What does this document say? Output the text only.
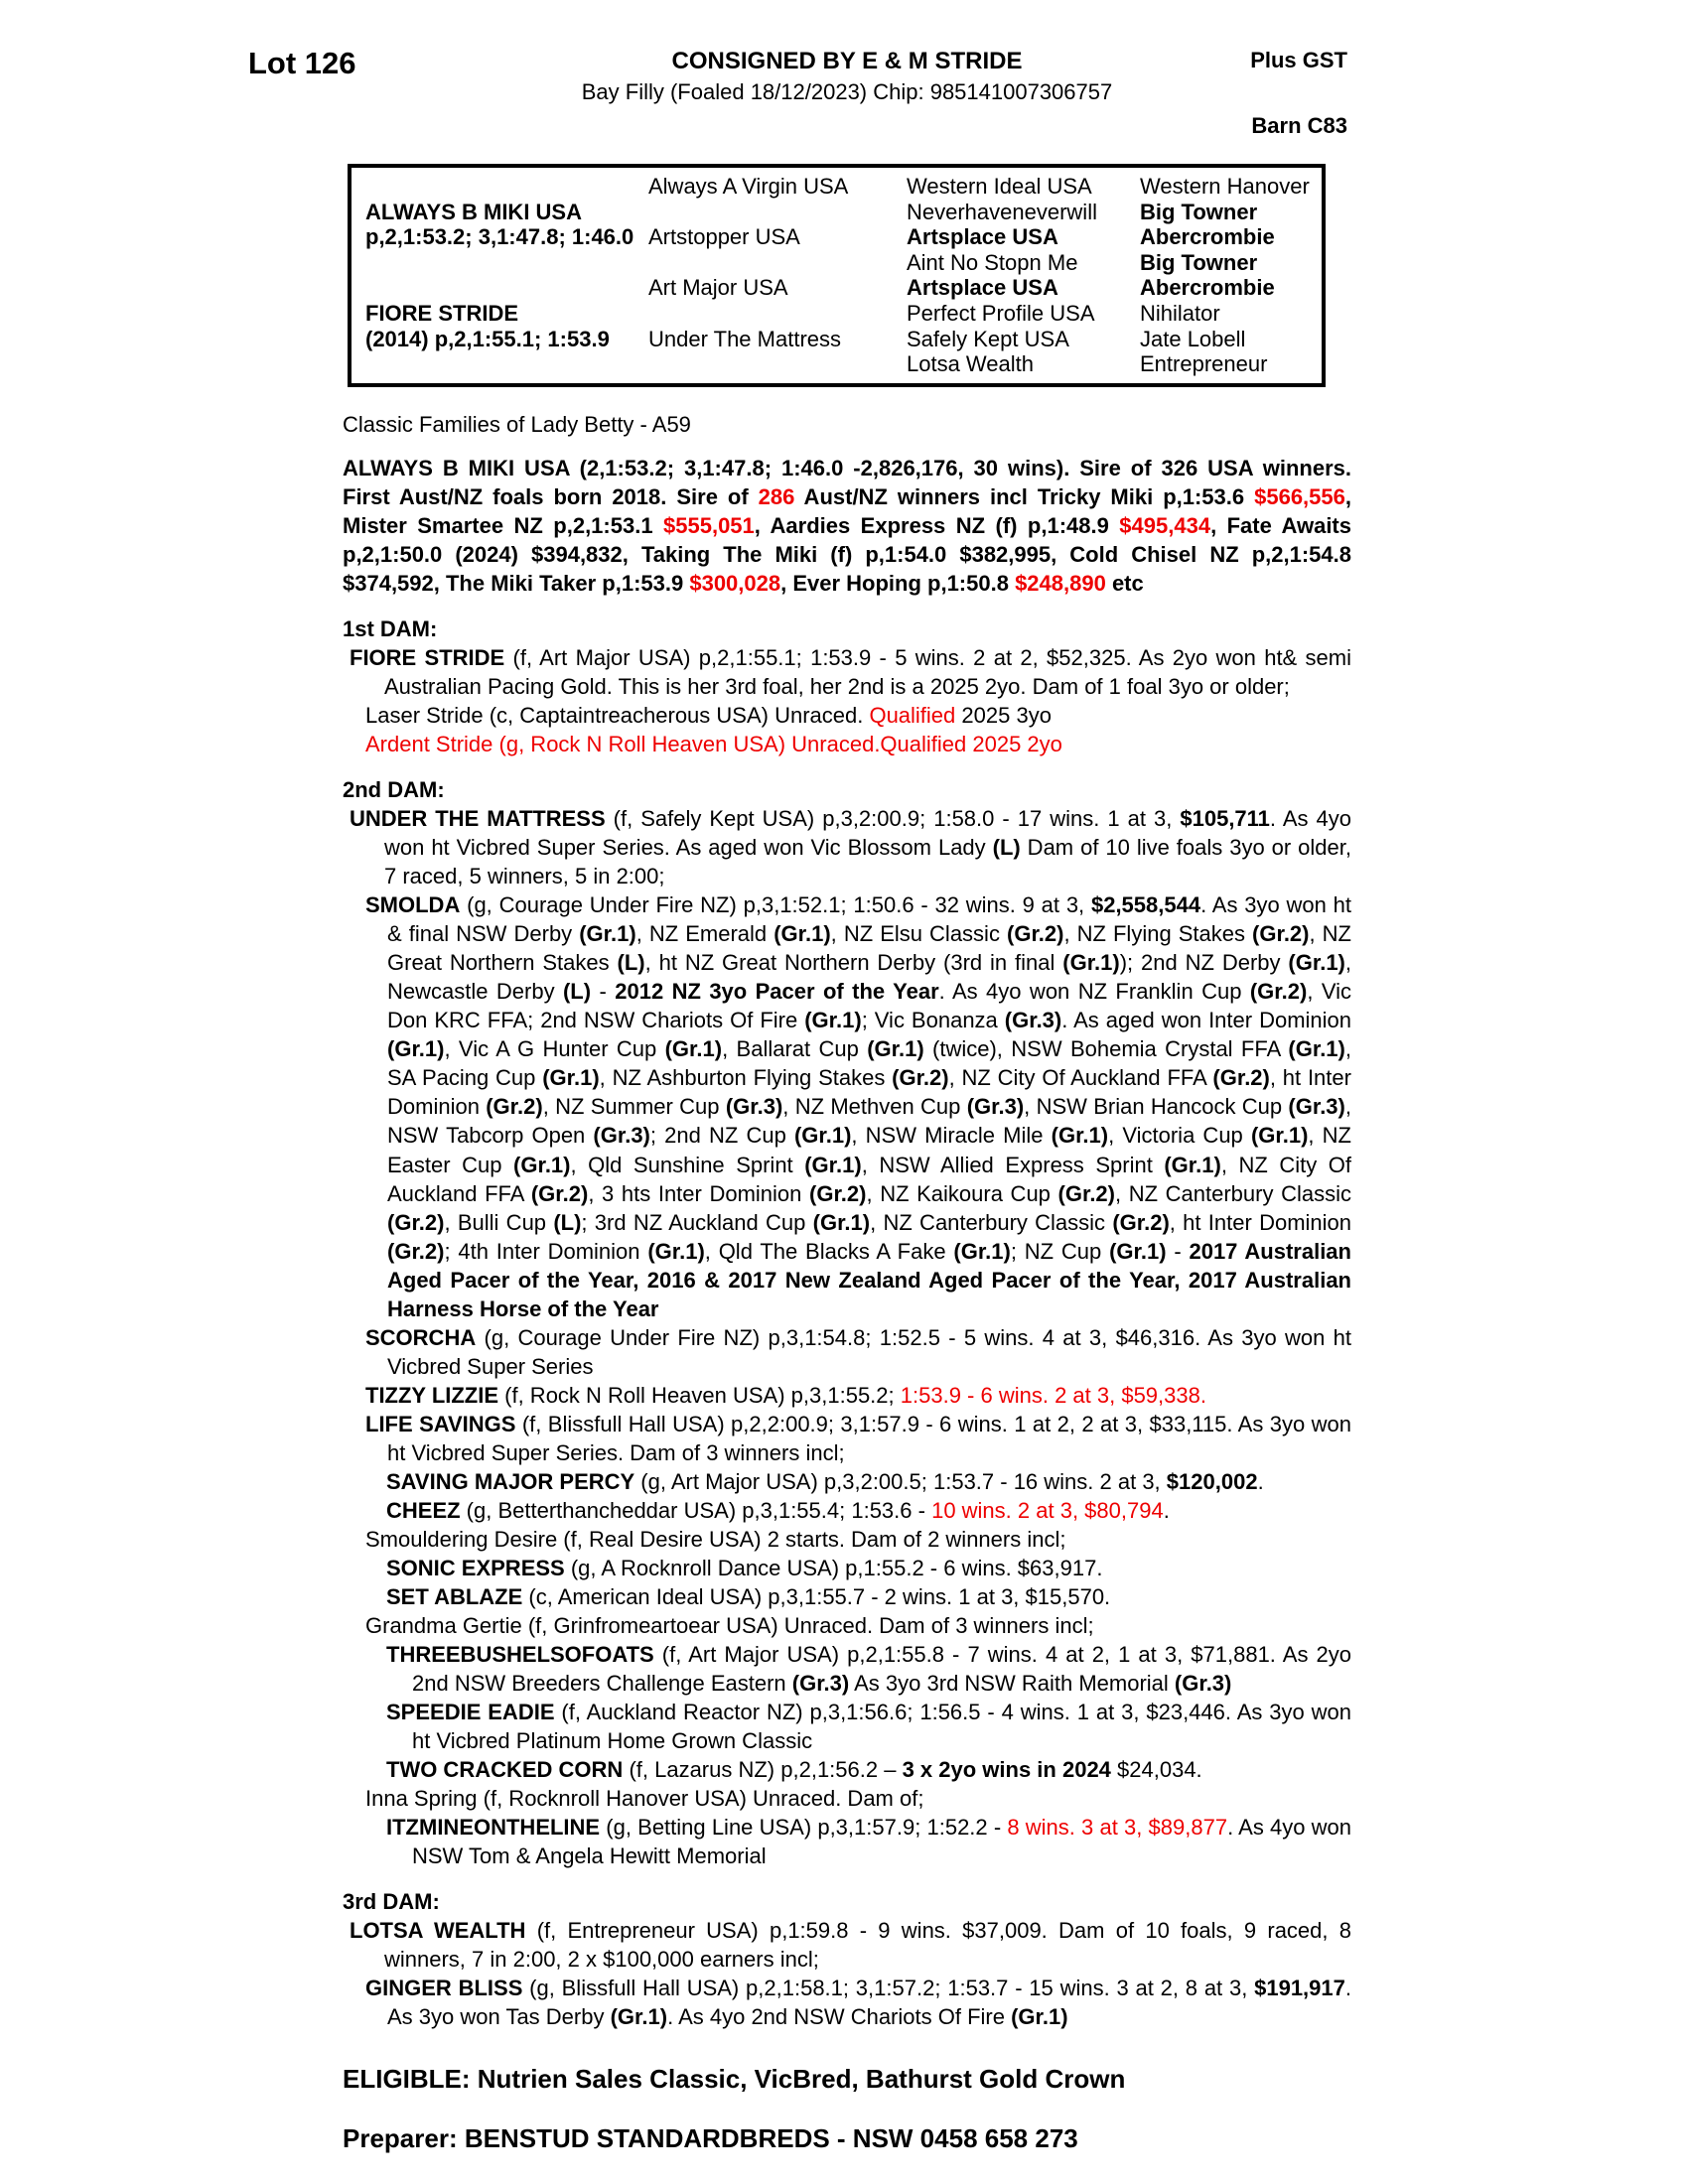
Lot 126	CONSIGNED BY E & M STRIDE
Bay Filly (Foaled 18/12/2023) Chip: 985141007306757
Plus GST
Barn C83
ALWAYS B MIKI USA
p,2,1:53.2; 3,1:47.8; 1:46.0
FIORE STRIDE
(2014) p,2,1:55.1; 1:53.9
Always A Virgin USA
Artstopper USA
Art Major USA
Under The Mattress
Western Ideal USA
Neverhaveneverwill
Artsplace USA
Aint No Stopn Me
Artsplace USA
Perfect Profile USA
Safely Kept USA
Lotsa Wealth
Western Hanover
Big Towner
Abercrombie
Big Towner
Abercrombie
Nihilator
Jate Lobell
Entrepreneur
Classic Families of Lady Betty - A59
ALWAYS B MIKI USA (2,1:53.2; 3,1:47.8; 1:46.0 -2,826,176, 30 wins). Sire of 326 USA winners. First Aust/NZ foals born 2018. Sire of 286 Aust/NZ winners incl Tricky Miki p,1:53.6 $566,556, Mister Smartee NZ p,2,1:53.1 $555,051, Aardies Express NZ (f) p,1:48.9 $495,434, Fate Awaits p,2,1:50.0 (2024) $394,832, Taking The Miki (f) p,1:54.0 $382,995, Cold Chisel NZ p,2,1:54.8 $374,592, The Miki Taker p,1:53.9 $300,028, Ever Hoping p,1:50.8 $248,890 etc
1st DAM:
FIORE STRIDE (f, Art Major USA) p,2,1:55.1; 1:53.9 - 5 wins. 2 at 2, $52,325. As 2yo won ht& semi Australian Pacing Gold. This is her 3rd foal, her 2nd is a 2025 2yo. Dam of 1 foal 3yo or older;
Laser Stride (c, Captaintreacherous USA) Unraced. Qualified 2025 3yo
Ardent Stride (g, Rock N Roll Heaven USA) Unraced.Qualified 2025 2yo
2nd DAM:
UNDER THE MATTRESS (f, Safely Kept USA) p,3,2:00.9; 1:58.0 - 17 wins. 1 at 3, $105,711. As 4yo won ht Vicbred Super Series. As aged won Vic Blossom Lady (L) Dam of 10 live foals 3yo or older, 7 raced, 5 winners, 5 in 2:00;
SMOLDA (g, Courage Under Fire NZ) p,3,1:52.1; 1:50.6 - 32 wins. 9 at 3, $2,558,544. As 3yo won ht & final NSW Derby (Gr.1), NZ Emerald (Gr.1), NZ Elsu Classic (Gr.2), NZ Flying Stakes (Gr.2), NZ Great Northern Stakes (L), ht NZ Great Northern Derby (3rd in final (Gr.1)); 2nd NZ Derby (Gr.1), Newcastle Derby (L) - 2012 NZ 3yo Pacer of the Year. As 4yo won NZ Franklin Cup (Gr.2), Vic Don KRC FFA; 2nd NSW Chariots Of Fire (Gr.1); Vic Bonanza (Gr.3). As aged won Inter Dominion (Gr.1), Vic A G Hunter Cup (Gr.1), Ballarat Cup (Gr.1) (twice), NSW Bohemia Crystal FFA (Gr.1), SA Pacing Cup (Gr.1), NZ Ashburton Flying Stakes (Gr.2), NZ City Of Auckland FFA (Gr.2), ht Inter Dominion (Gr.2), NZ Summer Cup (Gr.3), NZ Methven Cup (Gr.3), NSW Brian Hancock Cup (Gr.3), NSW Tabcorp Open (Gr.3); 2nd NZ Cup (Gr.1), NSW Miracle Mile (Gr.1), Victoria Cup (Gr.1), NZ Easter Cup (Gr.1), Qld Sunshine Sprint (Gr.1), NSW Allied Express Sprint (Gr.1), NZ City Of Auckland FFA (Gr.2), 3 hts Inter Dominion (Gr.2), NZ Kaikoura Cup (Gr.2), NZ Canterbury Classic (Gr.2), Bulli Cup (L); 3rd NZ Auckland Cup (Gr.1), NZ Canterbury Classic (Gr.2), ht Inter Dominion (Gr.2); 4th Inter Dominion (Gr.1), Qld The Blacks A Fake (Gr.1); NZ Cup (Gr.1) - 2017 Australian Aged Pacer of the Year, 2016 & 2017 New Zealand Aged Pacer of the Year, 2017 Australian Harness Horse of the Year
SCORCHA (g, Courage Under Fire NZ) p,3,1:54.8; 1:52.5 - 5 wins. 4 at 3, $46,316. As 3yo won ht Vicbred Super Series
TIZZY LIZZIE (f, Rock N Roll Heaven USA) p,3,1:55.2; 1:53.9 - 6 wins. 2 at 3, $59,338.
LIFE SAVINGS (f, Blissfull Hall USA) p,2,2:00.9; 3,1:57.9 - 6 wins. 1 at 2, 2 at 3, $33,115. As 3yo won ht Vicbred Super Series. Dam of 3 winners incl;
SAVING MAJOR PERCY (g, Art Major USA) p,3,2:00.5; 1:53.7 - 16 wins. 2 at 3, $120,002.
CHEEZ (g, Betterthancheddar USA) p,3,1:55.4; 1:53.6 - 10 wins. 2 at 3, $80,794.
Smouldering Desire (f, Real Desire USA) 2 starts. Dam of 2 winners incl;
SONIC EXPRESS (g, A Rocknroll Dance USA) p,1:55.2 - 6 wins. $63,917.
SET ABLAZE (c, American Ideal USA) p,3,1:55.7 - 2 wins. 1 at 3, $15,570.
Grandma Gertie (f, Grinfromeartoear USA) Unraced. Dam of 3 winners incl;
THREEBUSHELSOFOATS (f, Art Major USA) p,2,1:55.8 - 7 wins. 4 at 2, 1 at 3, $71,881. As 2yo 2nd NSW Breeders Challenge Eastern (Gr.3) As 3yo 3rd NSW Raith Memorial (Gr.3)
SPEEDIE EADIE (f, Auckland Reactor NZ) p,3,1:56.6; 1:56.5 - 4 wins. 1 at 3, $23,446. As 3yo won ht Vicbred Platinum Home Grown Classic
TWO CRACKED CORN (f, Lazarus NZ) p,2,1:56.2 – 3 x 2yo wins in 2024 $24,034.
Inna Spring (f, Rocknroll Hanover USA) Unraced. Dam of;
ITZMINEONTHELINE (g, Betting Line USA) p,3,1:57.9; 1:52.2 - 8 wins. 3 at 3, $89,877. As 4yo won NSW Tom & Angela Hewitt Memorial
3rd DAM:
LOTSA WEALTH (f, Entrepreneur USA) p,1:59.8 - 9 wins. $37,009. Dam of 10 foals, 9 raced, 8 winners, 7 in 2:00, 2 x $100,000 earners incl;
GINGER BLISS (g, Blissfull Hall USA) p,2,1:58.1; 3,1:57.2; 1:53.7 - 15 wins. 3 at 2, 8 at 3, $191,917. As 3yo won Tas Derby (Gr.1). As 4yo 2nd NSW Chariots Of Fire (Gr.1)
ELIGIBLE: Nutrien Sales Classic, VicBred, Bathurst Gold Crown
Preparer: BENSTUD STANDARDBREDS - NSW 0458 658 273
